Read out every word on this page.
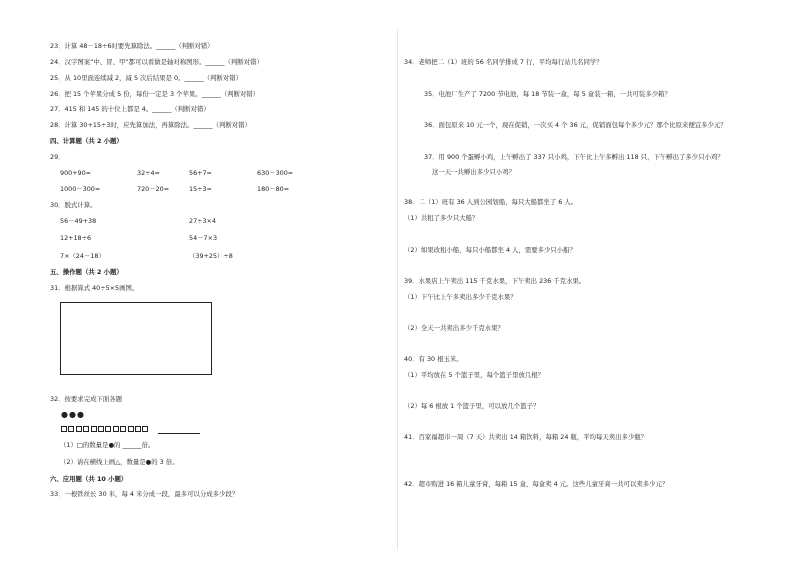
23．计算 48－18÷6时要先算除法。______（判断对错）
24．汉字图案“中、冒、甲”都可以看做是轴对称图形。______（判断对错）
25．从 10里面连续减 2，减 5 次后结果是 0。______（判断对错）
26．把 15 个苹果分成 5 份，每份一定是 3 个苹果。______（判断对错）
27．415 和 145 的十位上都是 4。______（判断对错）
28．计算 30+15÷3时，应先算加法，再算除法。______（判断对错）
四、计算题（共 2 小题）
29．
900+90=	32÷4=	56+7=	630－300=
1000－300=	720－20=	15÷3=	180－80=
30．脱式计算。
56－49+38	27÷3×4
12+18÷6	54－7×3
7×（24－18）	（39+25）÷8
五、操作题（共 2 小题）
31．根据算式 40÷5×5画图。
32．按要求完成下面各题
●●●
（1）□的数量是●的 ______倍。
（2）请在横线上画△，数量是●的 3 倍。
六、应用题（共 10 小题）
33．一根铁丝长 30 米，每 4 米分成一段，最多可以分成多少段？
34．老师把二（1）班的 56 名同学排成 7 行，平均每行站几名同学？
35．电池厂生产了 7200 节电池，每 18 节装一盒，每 5 盒装一箱，一共可装多少箱？
36．面包原来 10 元一个，现在促销，一次买 4 个 36 元，促销面包每个多少元？那个比原来便宜多少元？
37．用 900 个蛋孵小鸡，上午孵出了 337 只小鸡，下午比上午多孵出 118 只，下午孵出了多少只小鸡？
这一天一共孵出多少只小鸡？
38．二（1）班有 36 人到公园划船，每只大船都坐了 6 人。
（1）共租了多少只大船？
（2）如果改租小船，每只小船都坐 4 人，需要多少只小船？
39．水果店上午卖出 115 千克水果，下午卖出 236 千克水果。
（1）下午比上午多卖出多少千克水果？
（2）全天一共卖出多少千克水果？
40．有 30 根玉米。
（1）平均放在 5 个篮子里，每个篮子里放几根？
（2）每 6 根放 1 个篮子里，可以放几个篮子？
41．百家福超市一周（7 天）共卖出 14 箱饮料，每箱 24 瓶，平均每天卖出多少瓶？
42．超市购进 16 箱儿童牙膏，每箱 15 盒，每盒卖 4 元。这些儿童牙膏一共可以卖多少元？
